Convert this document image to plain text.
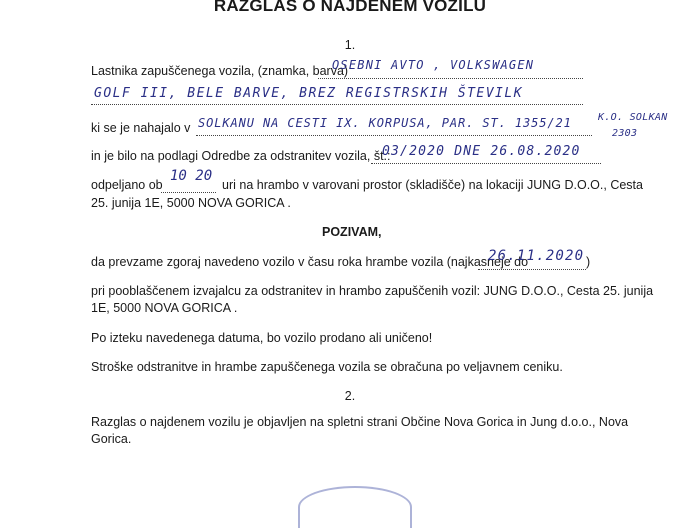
RAZGLAS O NAJDENEM VOZILU
1.
Lastnika zapuščenega vozila, (znamka, barva)
OSEBNI AVTO , VOLKSWAGEN
GOLF III, BELE BARVE, BREZ REGISTRSKIH ŠTEVILK
ki se je nahajalo v SOLKANU NA CESTI IX. KORPUSA, PAR. ST. 1355/21	K.O. SOLKAN
2303
in je bilo na podlagi Odredbe za odstranitev vozila, št.:
03/2020 DNE 26.08.2020
odpeljano ob
10 20
uri na hrambo v varovani prostor (skladišče) na lokaciji JUNG D.O.O., Cesta
25. junija 1E, 5000 NOVA GORICA .
POZIVAM,
da prevzame zgoraj navedeno vozilo v času roka hrambe vozila (najkasneje do
26.11.2020 )
pri pooblaščenem izvajalcu za odstranitev in hrambo zapuščenih vozil: JUNG D.O.O., Cesta 25. junija
1E, 5000 NOVA GORICA .
Po izteku navedenega datuma, bo vozilo prodano ali uničeno!
Stroške odstranitve in hrambe zapuščenega vozila se obračuna po veljavnem ceniku.
2.
Razglas o najdenem vozilu je objavljen na spletni strani Občine Nova Gorica in Jung d.o.o., Nova
Gorica.
